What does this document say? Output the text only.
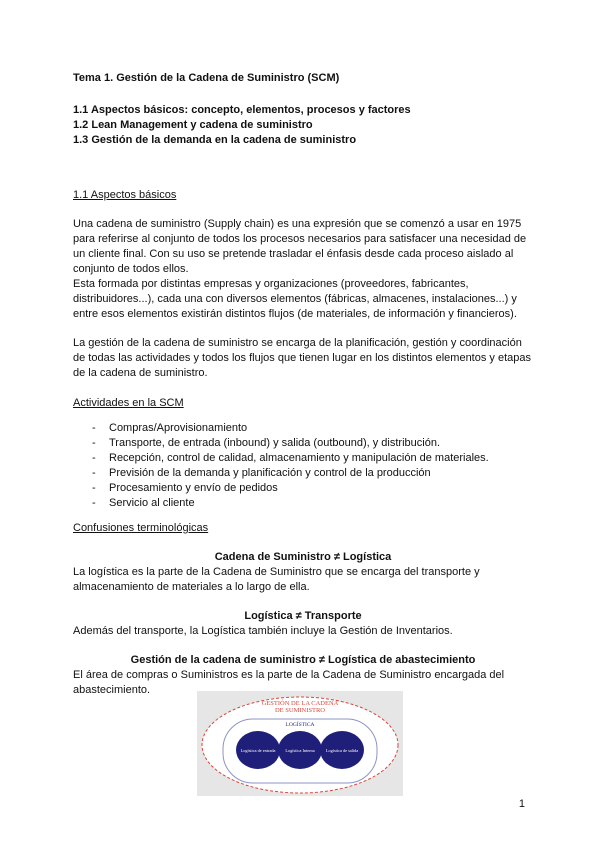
Tema 1. Gestión de la Cadena de Suministro (SCM)

1.1 Aspectos básicos: concepto, elementos, procesos y factores

1.2 Lean Management y cadena de suministro

1.3 Gestión de la demanda en la cadena de suministro

1.1 Aspectos básicos

Una cadena de suministro (Supply chain) es una expresión que se comenzó a usar en 1975 para referirse al conjunto de todos los procesos necesarios para satisfacer una necesidad de un cliente final. Con su uso se pretende trasladar el énfasis desde cada proceso aislado al conjunto de todos ellos.

Esta formada por distintas empresas y organizaciones (proveedores, fabricantes, distribuidores...), cada una con diversos elementos (fábricas, almacenes, instalaciones...) y entre esos elementos existirán distintos flujos (de materiales, de información y financieros).

La gestión de la cadena de suministro se encarga de la planificación, gestión y coordinación de todas las actividades y todos los flujos que tienen lugar en los distintos elementos y etapas de la cadena de suministro.

Actividades en la SCM

- Compras/Aprovisionamiento
- Transporte, de entrada (inbound) y salida (outbound), y distribución.
- Recepción, control de calidad, almacenamiento y manipulación de materiales.
- Previsión de la demanda y planificación y control de la producción
- Procesamiento y envío de pedidos
- Servicio al cliente

Confusiones terminológicas

Cadena de Suministro ≠ Logística

La logística es la parte de la Cadena de Suministro que se encarga del transporte y almacenamiento de materiales a lo largo de ella.

Logística ≠ Transporte

Además del transporte, la Logística también incluye la Gestión de Inventarios.

Gestión de la cadena de suministro ≠ Logística de abastecimiento

El área de compras o Suministros es la parte de la Cadena de Suministro encargada del abastecimiento.

GESTIÓN DE LA CADENA
DE SUMINISTRO
LOGÍSTICA
Logística de entrada Logística Interna	Logística de salida
1
